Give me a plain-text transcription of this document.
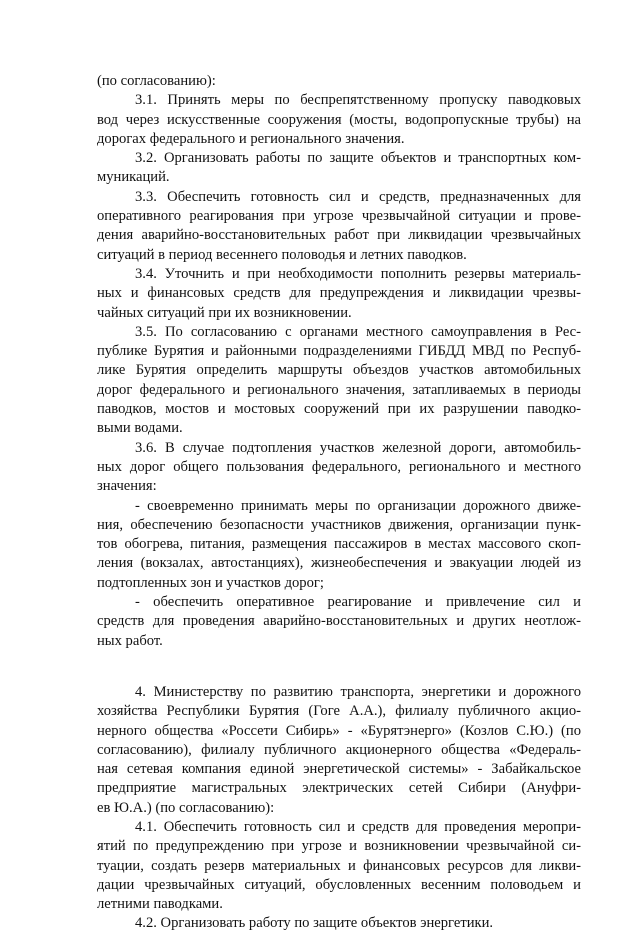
(по согласованию):
3.1. Принять меры по беспрепятственному пропуску паводковых
вод через искусственные сооружения (мосты, водопропускные трубы) на
дорогах федерального и регионального значения.
3.2. Организовать работы по защите объектов и транспортных ком-
муникаций.
3.3. Обеспечить готовность сил и средств, предназначенных для
оперативного реагирования при угрозе чрезвычайной ситуации и прове-
дения аварийно-восстановительных работ при ликвидации чрезвычайных
ситуаций в период весеннего половодья и летних паводков.
3.4. Уточнить и при необходимости пополнить резервы материаль-
ных и финансовых средств для предупреждения и ликвидации чрезвы-
чайных ситуаций при их возникновении.
3.5. По согласованию с органами местного самоуправления в Рес-
публике Бурятия и районными подразделениями ГИБДД МВД по Респуб-
лике Бурятия определить маршруты объездов участков автомобильных
дорог федерального и регионального значения, затапливаемых в периоды
паводков, мостов и мостовых сооружений при их разрушении паводко-
выми водами.
3.6. В случае подтопления участков железной дороги, автомобиль-
ных дорог общего пользования федерального, регионального и местного
значения:
- своевременно принимать меры по организации дорожного движе-
ния, обеспечению безопасности участников движения, организации пунк-
тов обогрева, питания, размещения пассажиров в местах массового скоп-
ления (вокзалах, автостанциях), жизнеобеспечения и эвакуации людей из
подтопленных зон и участков дорог;
- обеспечить оперативное реагирование и привлечение сил и
средств для проведения аварийно-восстановительных и других неотлож-
ных работ.
4. Министерству по развитию транспорта, энергетики и дорожного
хозяйства Республики Бурятия (Гоге А.А.), филиалу публичного акцио-
нерного общества «Россети Сибирь» - «Бурятэнерго» (Козлов С.Ю.) (по
согласованию), филиалу публичного акционерного общества «Федераль-
ная сетевая компания единой энергетической системы» - Забайкальское
предприятие магистральных электрических сетей Сибири (Ануфри-
ев Ю.А.) (по согласованию):
4.1. Обеспечить готовность сил и средств для проведения меропри-
ятий по предупреждению при угрозе и возникновении чрезвычайной си-
туации, создать резерв материальных и финансовых ресурсов для ликви-
дации чрезвычайных ситуаций, обусловленных весенним половодьем и
летними паводками.
4.2. Организовать работу по защите объектов энергетики.
